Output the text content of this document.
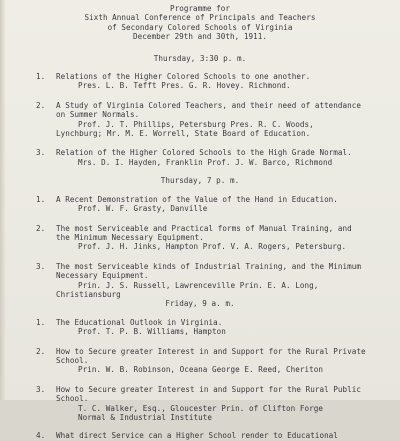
Programme for
Sixth Annual Conference of Principals and Teachers
of Secondary Colored Schools of Virginia
December 29th and 30th, 1911.
Thursday, 3:30 p. m.
1. Relations of the Higher Colored Schools to one another.
Pres. L. B. Tefft Pres. G. R. Hovey. Richmond.
2. A Study of Virginia Colored Teachers, and their need of attendance
on Summer Normals.
Prof. J. T. Phillips, Petersburg Pres. R. C. Woods,
Lynchburg; Mr. M. E. Worrell, State Board of Education.
3. Relation of the Higher Colored Schools to the High Grade Normal.
Mrs. D. I. Hayden, Franklin Prof. J. W. Barco, Richmond
Thursday, 7 p. m.
1. A Recent Demonstration of the Value of the Hand in Education.
Prof. W. F. Grasty, Danville
2. The most Serviceable and Practical forms of Manual Training, and
the Minimum Necessary Equipment.
Prof. J. H. Jinks, Hampton Prof. V. A. Rogers, Petersburg.
3. The most Serviceable kinds of Industrial Training, and the Minimum
Necessary Equipment.
Prin. J. S. Russell, Lawrenceville Prin. E. A. Long,
Christiansburg
Friday, 9 a. m.
1. The Educational Outlook in Virginia.
Prof. T. P. B. Williams, Hampton
2. How to Secure greater Interest in and Support for the Rural Private
School.
Prin. W. B. Robinson, Oceana George E. Reed, Cheriton
3. How to Secure greater Interest in and Support for the Rural Public
School.
T. C. Walker, Esq., Gloucester Prin. of Clifton Forge
Normal & Industrial Institute
4. What direct Service can a Higher School render to Educational
